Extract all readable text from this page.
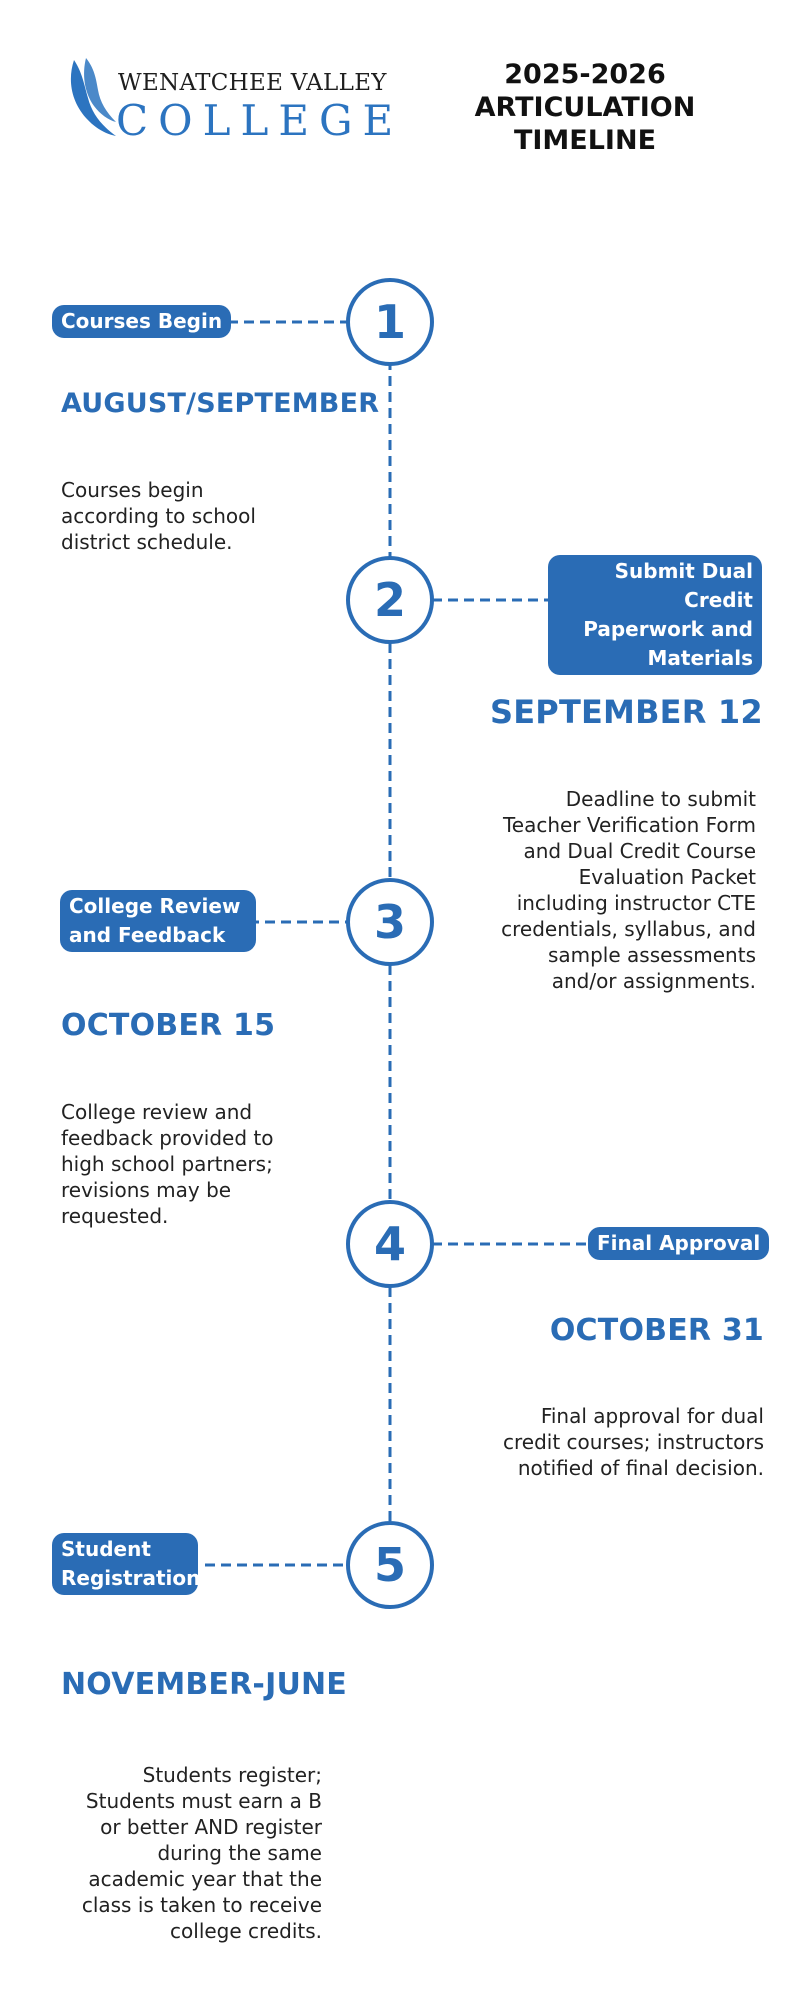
WENATCHEE VALLEY
COLLEGE
2025-2026
ARTICULATION
TIMELINE
1
2
3
4
5
Courses Begin
AUGUST/SEPTEMBER
Courses begin according to school district schedule.
Submit Dual Credit Paperwork and Materials
SEPTEMBER 12
Deadline to submit Teacher Verification Form and Dual Credit Course Evaluation Packet including instructor CTE credentials, syllabus, and sample assessments and/or assignments.
College Review and Feedback
OCTOBER 15
College review and feedback provided to high school partners; revisions may be requested.
Final Approval
OCTOBER 31
Final approval for dual credit courses; instructors notified of final decision.
Student Registration
NOVEMBER-JUNE
Students register; Students must earn a B or better AND register during the same academic year that the class is taken to receive college credits.
